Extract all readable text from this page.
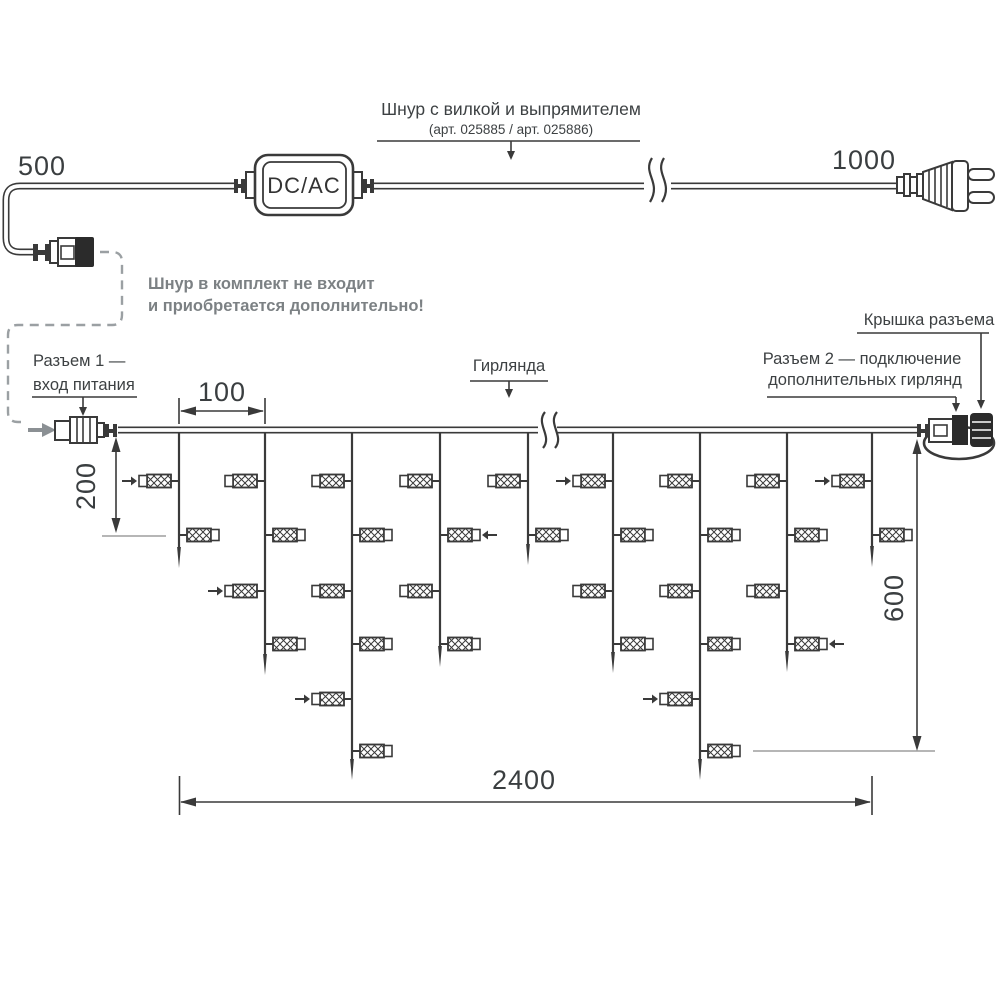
DC/AC
Шнур с вилкой и выпрямителем
(арт. 025885 / арт. 025886)
500	1000
Шнур в комплект не входит
и приобретается дополнительно!
100
200
600
2400
Разъем 1 —
вход питания
Гирлянда	Разъем 2 — подключение
дополнительных гирлянд
Крышка разъема
